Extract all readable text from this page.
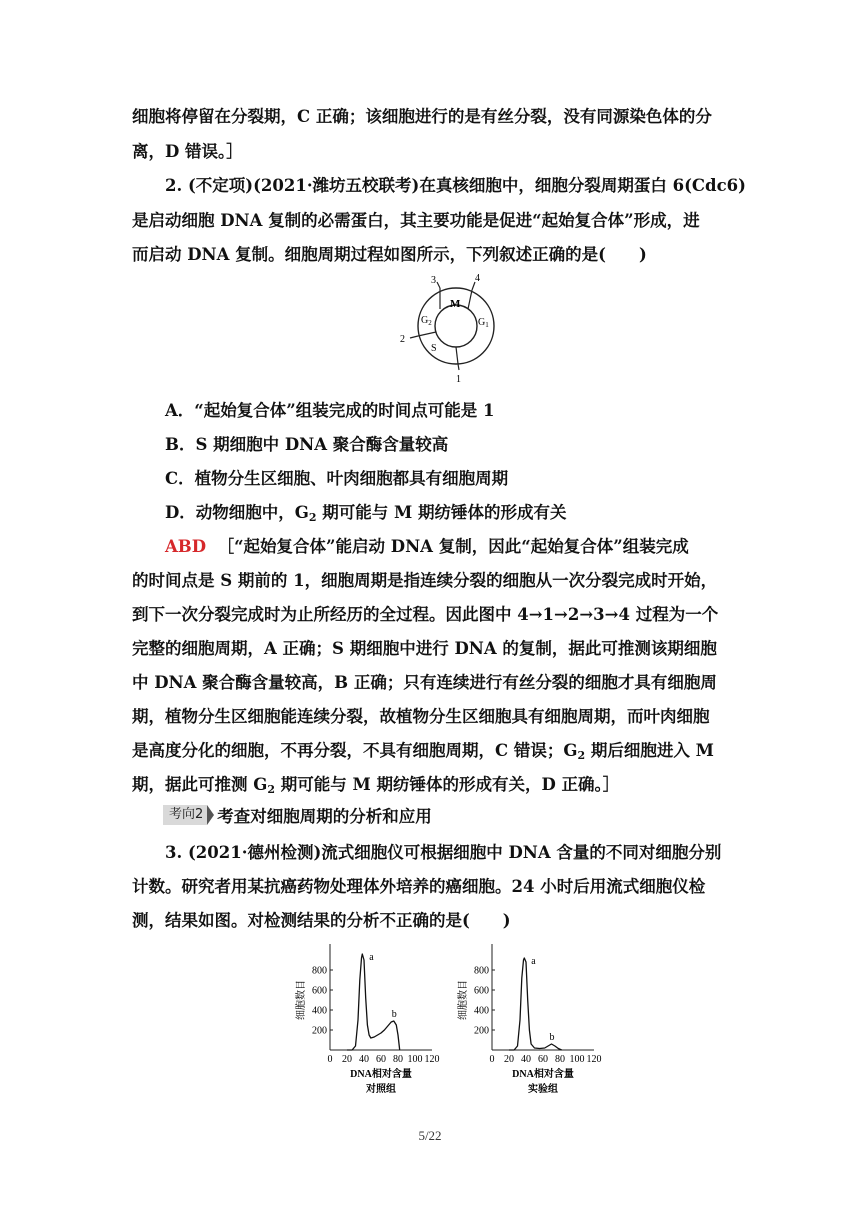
细胞将停留在分裂期，C 正确；该细胞进行的是有丝分裂，没有同源染色体的分
离，D 错误。］
2. (不定项)(2021·潍坊五校联考)在真核细胞中，细胞分裂周期蛋白 6(Cdc6)
是启动细胞 DNA 复制的必需蛋白，其主要功能是促进“起始复合体”形成，进
而启动 DNA 复制。细胞周期过程如图所示，下列叙述正确的是(　　)
M
$G_1$
$G_2$
S
1
2
3	4
A．“起始复合体”组装完成的时间点可能是 1
B．S 期细胞中 DNA 聚合酶含量较高
C．植物分生区细胞、叶肉细胞都具有细胞周期
D．动物细胞中，$G_2$ 期可能与 M 期纺锤体的形成有关
ABD ［“起始复合体”能启动 DNA 复制，因此“起始复合体”组装完成
的时间点是 S 期前的 1，细胞周期是指连续分裂的细胞从一次分裂完成时开始，
到下一次分裂完成时为止所经历的全过程。因此图中 4→1→2→3→4 过程为一个
完整的细胞周期，A 正确；S 期细胞中进行 DNA 的复制，据此可推测该期细胞
中 DNA 聚合酶含量较高，B 正确；只有连续进行有丝分裂的细胞才具有细胞周
期，植物分生区细胞能连续分裂，故植物分生区细胞具有细胞周期，而叶肉细胞
是高度分化的细胞，不再分裂，不具有细胞周期，C 错误；$G_2$ 期后细胞进入 M
期，据此可推测 $G_2$ 期可能与 M 期纺锤体的形成有关，D 正确。］
考向2 考查对细胞周期的分析和应用
3. (2021·德州检测)流式细胞仪可根据细胞中 DNA 含量的不同对细胞分别
计数。研究者用某抗癌药物处理体外培养的癌细胞。24 小时后用流式细胞仪检
测，结果如图。对检测结果的分析不正确的是(　　)
200
400
600
800
0 20 40 60 80 100 120
a
b
细胞数目
DNA相对含量
对照组
200
400
600
800
0 20 40 60 80 100 120
a
b
细胞数目
DNA相对含量
实验组
5/22
